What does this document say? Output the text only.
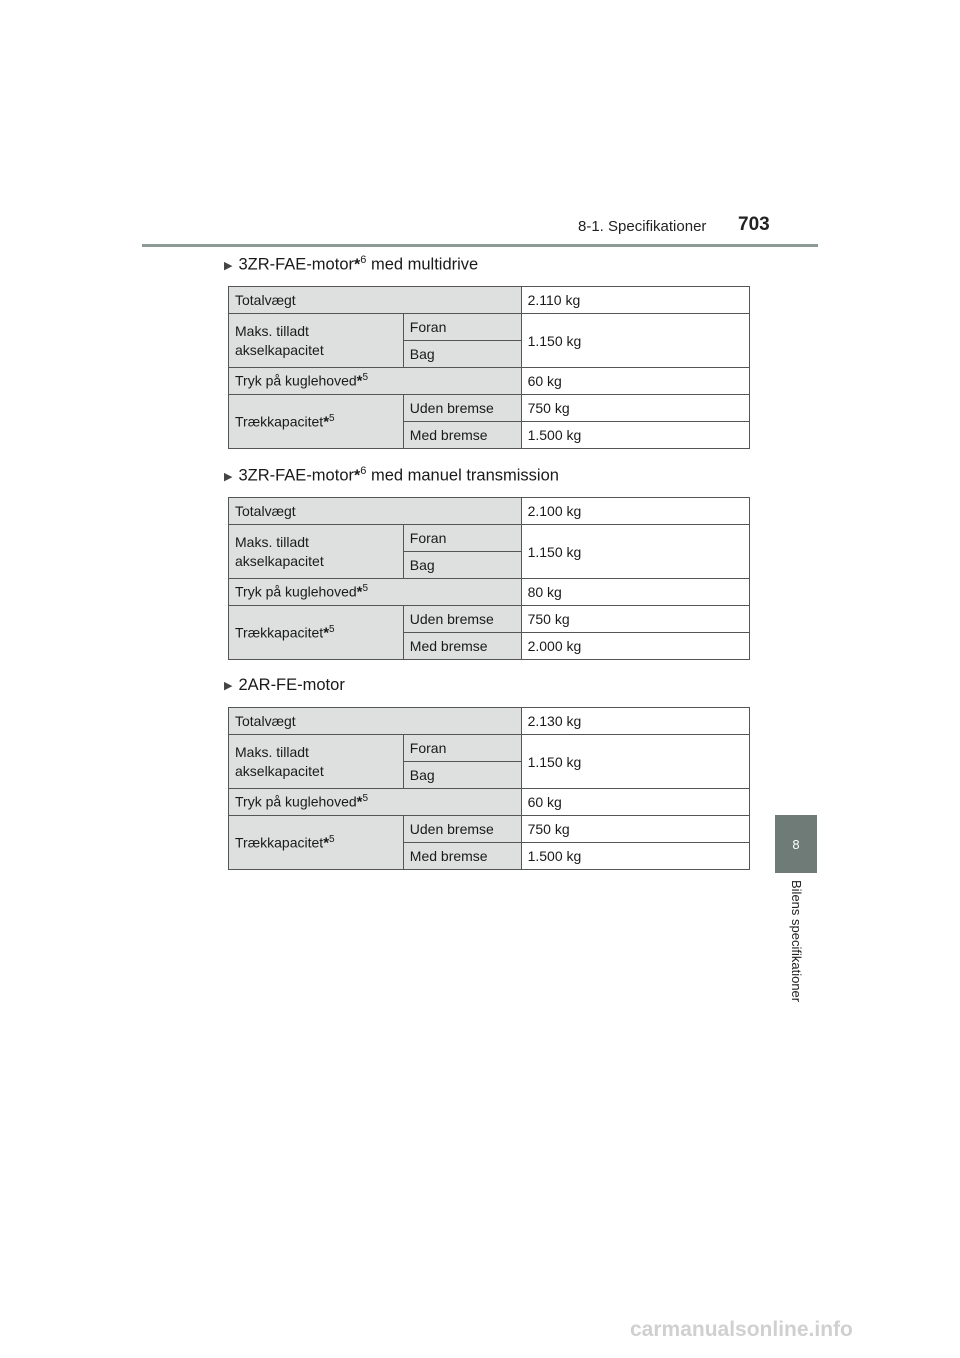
8-1. Specifikationer 703
8
Bilens specifikationer
▶ 3ZR-FAE-motor*$^6$ med multidrive
Totalvægt		2.110 kg
Maks. tilladt akselkapacitet	Foran	1.150 kg
	Bag	
Tryk på kuglehoved*$^5$		60 kg
Trækkapacitet*$^5$	Uden bremse	750 kg
	Med bremse	1.500 kg
▶ 3ZR-FAE-motor*$^6$ med manuel transmission
Totalvægt		2.100 kg
Maks. tilladt akselkapacitet	Foran	1.150 kg
	Bag	
Tryk på kuglehoved*$^5$		80 kg
Trækkapacitet*$^5$	Uden bremse	750 kg
	Med bremse	2.000 kg
▶ 2AR-FE-motor
Totalvægt		2.130 kg
Maks. tilladt akselkapacitet	Foran	1.150 kg
	Bag	
Tryk på kuglehoved*$^5$		60 kg
Trækkapacitet*$^5$	Uden bremse	750 kg
	Med bremse	1.500 kg
carmanualsonline.info
